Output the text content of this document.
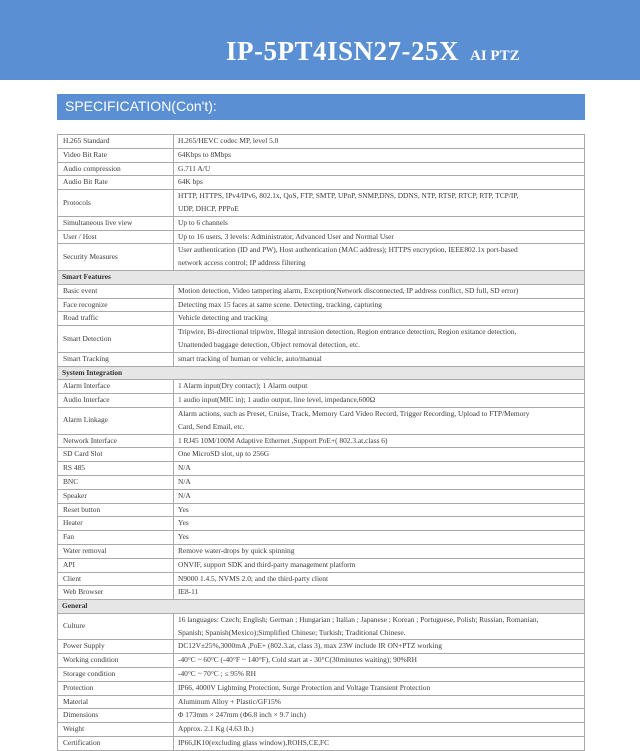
IP-5PT4ISN27-25X AI PTZ
SPECIFICATION(Con't):
H.265 Standard	H.265/HEVC codec MP, level 5.0

Video Bit Rate	64Kbps to 8Mbps

Audio compression	G.711 A/U

Audio Bit Rate	64K bps

Protocols	HTTP, HTTPS, IPv4/IPv6, 802.1x, QoS, FTP, SMTP, UPnP, SNMP,DNS, DDNS, NTP, RTSP, RTCP, RTP, TCP/IP,
UDP, DHCP, PPPoE

Simultaneous live view	Up to 6 channels

User / Host	Up to 16 users, 3 levels: Administrator, Advanced User and Normal User

Security Measures	User authentication (ID and PW), Host authentication (MAC address); HTTPS encryption, IEEE802.1x port-based
network access control; IP address filtering

Smart Features	
Basic event	Motion detection, Video tampering alarm, Exception(Network disconnected, IP address conflict, SD full, SD error)

Face recognize	Detecting max 15 faces at same scene. Detecting, tracking, capturing

Road traffic	Vehicle detecting and tracking

Smart Detection	Tripwire, Bi-directional tripwire, Illegal intrusion detection, Region entrance detection, Region exitance detection,
Unattended baggage detection, Object removal detection, etc.

Smart Tracking	smart tracking of human or vehicle, auto/manual

System Integration	
Alarm Interface	1 Alarm input(Dry contact); 1 Alarm output

Audio Interface	1 audio input(MIC in); 1 audio output, line level, impedance,600Ω

Alarm Linkage	Alarm actions, such as Preset, Cruise, Track, Memory Card Video Record, Trigger Recording, Upload to FTP/Memory
Card, Send Email, etc.

Network Interface	1 RJ45 10M/100M Adaptive Ethernet ,Support PoE+( 802.3.at,class 6)

SD Card Slot	One MicroSD slot, up to 256G

RS 485	N/A

BNC	N/A

Speaker	N/A

Reset button	Yes

Heater	Yes

Fan	Yes

Water removal	Remove water-drops by quick spinning

API	ONVIF, support SDK and third-party management platform

Client	N9000 1.4.5, NVMS 2.0; and the third-party client

Web Browser	IE8-11

General	
Culture	16 languages: Czech; English; German ; Hungarian ; Italian ; Japanese ; Korean ; Portuguese, Polish; Russian, Romanian,
Spanish; Spanish(Mexico);Simplified Chinese; Turkish; Traditional Chinese.

Power Supply	DC12V±25%,3000mA ,PoE+ (802.3.at, class 3), max 23W include IR ON+PTZ working

Working condition	-40°C ~ 60°C (-40°F ~ 140°F), Cold start at - 30°C(30minutes waiting); 90%RH

Storage condition	-40°C ~ 70°C ; ≤ 95% RH

Protection	IP66, 4000V Lightning Protection, Surge Protection and Voltage Transient Protection

Material	Aluminum Alloy + Plastic/GF15%

Dimensions	Φ 173mm × 247mm (Φ6.8 inch × 9.7 inch)

Weight	Approx. 2.1 Kg (4.63 lb.)

Certification	IP66,IK10(excluding glass window),ROHS,CE,FC
